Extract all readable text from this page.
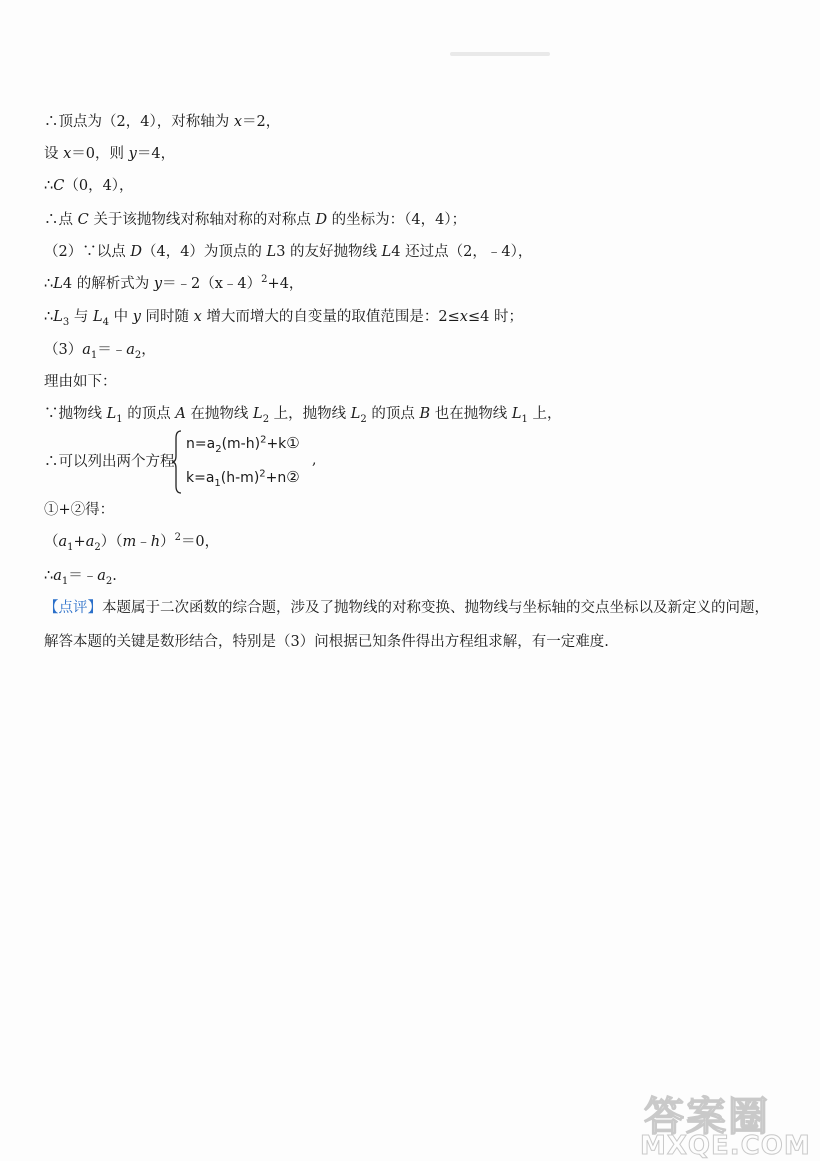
∴顶点为（2，4），对称轴为 x＝2，
设 x＝0，则 y＝4，
∴C（0，4），
∴点 C 关于该抛物线对称轴对称的对称点 D 的坐标为：（4，4）；
（2）∵以点 D（4，4）为顶点的 L3 的友好抛物线 L4 还过点（2，﹣4），
∴L4 的解析式为 y＝﹣2（x﹣4）$^2$+4，
$\therefore L_3$ 与 $L_4$ 中 y 同时随 x 增大而增大的自变量的取值范围是：2≤x≤4 时；
$(3)a_1=﹣a_2$，
理由如下：
∵抛物线 $L_1$ 的顶点 A 在抛物线 $L_2$ 上，抛物线 $L_2$ 的顶点 B 也在抛物线 $L_1$ 上，
∴可以列出两个方程
$n=a_2(m-h)^2+k①$
$k=a_1(h-m)^2+n②$
,
①+②得：
$(a_1+a_2)(m﹣h)^2=0$，
$\therefore a_1=﹣a_2$.
【点评】本题属于二次函数的综合题，涉及了抛物线的对称变换、抛物线与坐标轴的交点坐标以及新定义的问题，
解答本题的关键是数形结合，特别是（3）问根据已知条件得出方程组求解，有一定难度.
答案圈
MXQE.COM
